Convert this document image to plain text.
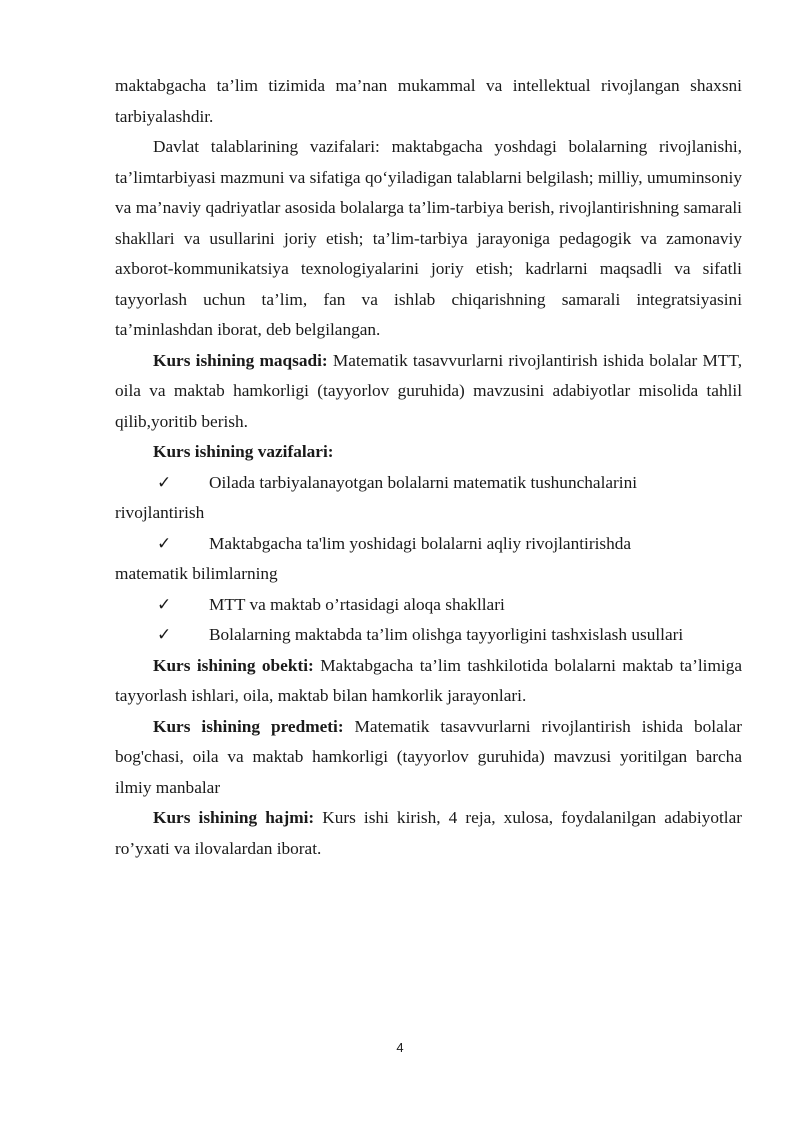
maktabgacha ta’lim tizimida ma’nan mukammal va intellektual rivojlangan shaxsni tarbiyalashdir.

Davlat talablarining vazifalari: maktabgacha yoshdagi bolalarning rivojlanishi, ta’limtarbiyasi mazmuni va sifatiga qo‘yiladigan talablarni belgilash; milliy, umuminsoniy va ma’naviy qadriyatlar asosida bolalarga ta’lim-tarbiya berish, rivojlantirishning samarali shakllari va usullarini joriy etish; ta’lim-tarbiya jarayoniga pedagogik va zamonaviy axborot-kommunikatsiya texnologiyalarini joriy etish; kadrlarni maqsadli va sifatli tayyorlash uchun ta’lim, fan va ishlab chiqarishning samarali integratsiyasini ta’minlashdan iborat, deb belgilangan.

Kurs ishining maqsadi: Matematik tasavvurlarni rivojlantirish ishida bolalar MTT, oila va maktab hamkorligi (tayyorlov guruhida) mavzusini adabiyotlar misolida tahlil qilib,yoritib berish.

Kurs ishining vazifalari:

✓ Oilada tarbiyalanayotgan bolalarni matematik tushunchalarini
rivojlantirish
✓ Maktabgacha ta'lim yoshidagi bolalarni aqliy rivojlantirishda
matematik bilimlarning
✓ MTT va maktab o’rtasidagi aloqa shakllari
✓ Bolalarning maktabda ta’lim olishga tayyorligini tashxislash usullari

Kurs ishining obekti: Maktabgacha ta’lim tashkilotida bolalarni maktab ta’limiga tayyorlash ishlari, oila, maktab bilan hamkorlik jarayonlari.

Kurs ishining predmeti: Matematik tasavvurlarni rivojlantirish ishida bolalar bog'chasi, oila va maktab hamkorligi (tayyorlov guruhida) mavzusi yoritilgan barcha ilmiy manbalar

Kurs ishining hajmi: Kurs ishi kirish, 4 reja, xulosa, foydalanilgan adabiyotlar ro’yxati va ilovalardan iborat.

4
